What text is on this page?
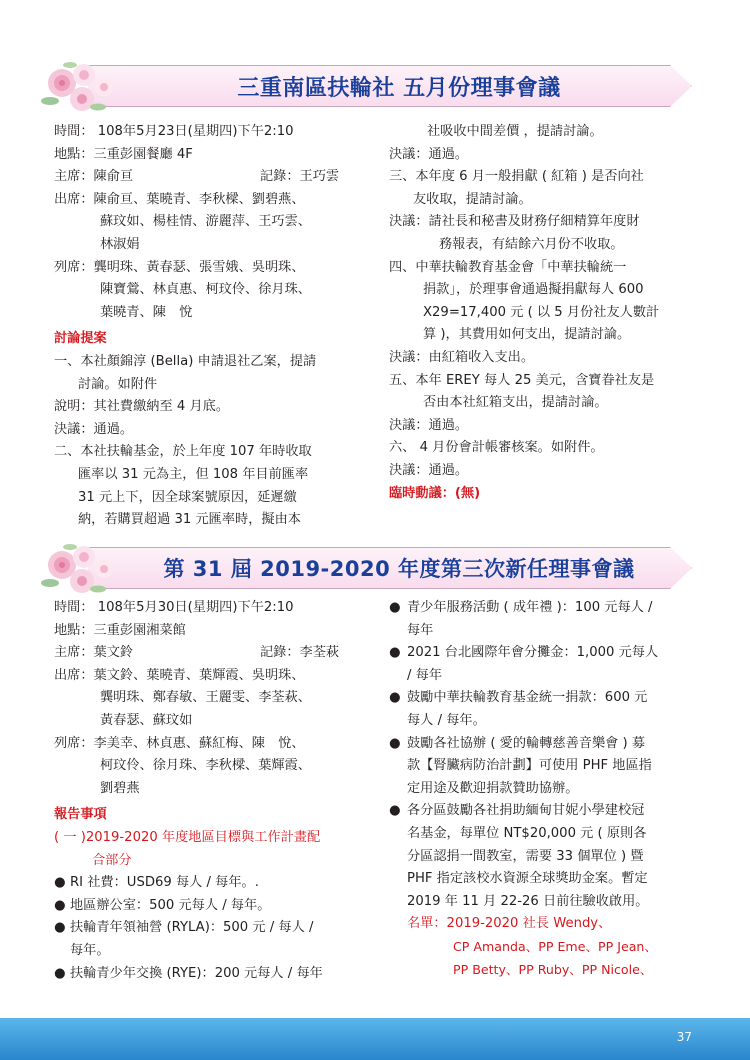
三重南區扶輪社 五月份理事會議
時間： 108年5月23日(星期四)下午2:10
地點：三重彭園餐廳 4F
主席：陳俞亘	記錄：王巧雲
出席：陳俞亘、葉曉青、李秋樑、劉碧燕、
蘇玟如、楊桂情、游麗萍、王巧雲、
林淑娟
列席：龔明珠、黃春瑟、張雪娥、吳明珠、
陳寶鶯、林貞惠、柯玟伶、徐月珠、
葉曉青、陳　悅
討論提案
一、本社顏錦淳 (Bella) 申請退社乙案，提請
討論。如附件
說明：其社費繳納至 4 月底。
決議：通過。
二、本社扶輪基金，於上年度 107 年時收取
匯率以 31 元為主，但 108 年目前匯率
31 元上下，因全球案號原因，延遲繳
納，若購買超過 31 元匯率時，擬由本
社吸收中間差價 ，提請討論。
決議：通過。
三、本年度 6 月一般捐獻 ( 紅箱 ) 是否向社
友收取，提請討論。
決議：請社長和秘書及財務仔細精算年度財
務報表，有結餘六月份不收取。
四、中華扶輪教育基金會「中華扶輪統一
捐款」，於理事會通過擬捐獻每人 600
X29=17,400 元 ( 以 5 月份社友人數計
算 )，其費用如何支出，提請討論。
決議：由紅箱收入支出。
五、本年 EREY 每人 25 美元，含寶眷社友是
否由本社紅箱支出，提請討論。
決議：通過。
六、 4 月份會計帳審核案。如附件。
決議：通過。
臨時動議：(無)
第 31 屆 2019-2020 年度第三次新任理事會議
時間： 108年5月30日(星期四)下午2:10
地點：三重彭園湘菜館
主席：葉文鈴	記錄：李荃萩
出席：葉文鈴、葉曉青、葉輝霞、吳明珠、
龔明珠、鄭春敏、王麗雯、李荃萩、
黃春瑟、蘇玟如
列席：李美幸、林貞惠、蘇紅梅、陳　悅、
柯玟伶、徐月珠、李秋樑、葉輝霞、
劉碧燕
報告事項
( 一 )2019-2020 年度地區目標與工作計畫配
合部分
● RI 社費：USD69 每人 / 每年。.
● 地區辦公室：500 元每人 / 每年。
● 扶輪青年領袖營 (RYLA)：500 元 / 每人 /
每年。
● 扶輪青少年交換 (RYE)：200 元每人 / 每年
● 青少年服務活動 ( 成年禮 )：100 元每人 /
每年
● 2021 台北國際年會分攤金：1,000 元每人
/ 每年
● 鼓勵中華扶輪教育基金統一捐款：600 元
每人 / 每年。
● 鼓勵各社協辦 ( 愛的輪轉慈善音樂會 ) 募
款【腎臟病防治計劃】可使用 PHF 地區指
定用途及歡迎捐款贊助協辦。
● 各分區鼓勵各社捐助緬甸甘妮小學建校冠
名基金，每單位 NT$20,000 元 ( 原則各
分區認捐一間教室，需要 33 個單位 ) 暨
PHF 指定該校水資源全球獎助金案。暫定
2019 年 11 月 22-26 日前往驗收啟用。
名單：2019-2020 社長 Wendy、
CP Amanda、PP Eme、PP Jean、
PP Betty、PP Ruby、PP Nicole、
37
